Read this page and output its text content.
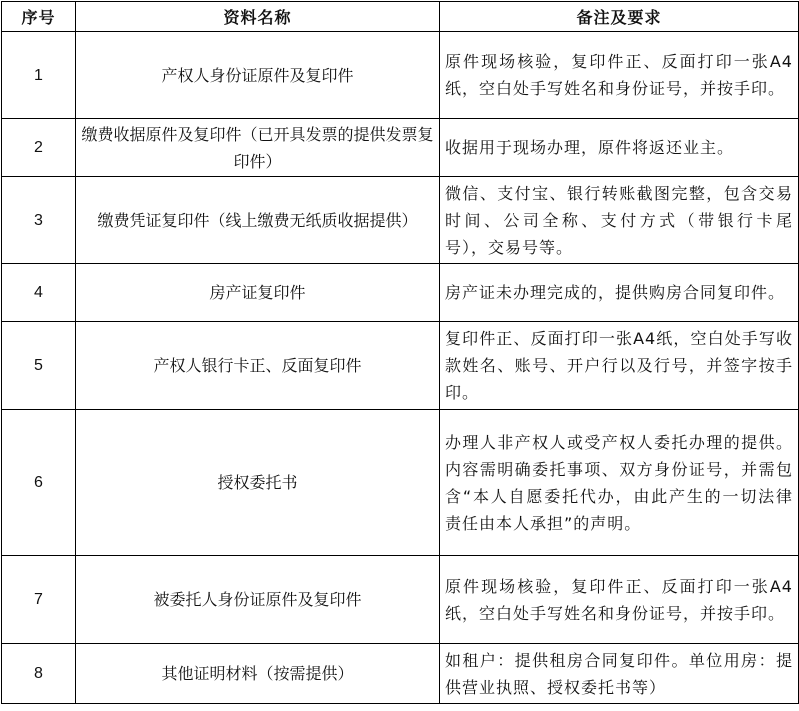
序号	资料名称	备注及要求
1	产权人身份证原件及复印件	原件现场核验，复印件正、反面打印一张A4纸，空白处手写姓名和身份证号，并按手印。
2	缴费收据原件及复印件（已开具发票的提供发票复印件）	收据用于现场办理，原件将返还业主。
3	缴费凭证复印件（线上缴费无纸质收据提供）	微信、支付宝、银行转账截图完整，包含交易时间、公司全称、支付方式（带银行卡尾号），交易号等。
4	房产证复印件	房产证未办理完成的，提供购房合同复印件。
5	产权人银行卡正、反面复印件	复印件正、反面打印一张A4纸，空白处手写收款姓名、账号、开户行以及行号，并签字按手印。
6	授权委托书	办理人非产权人或受产权人委托办理的提供。内容需明确委托事项、双方身份证号，并需包含“本人自愿委托代办，由此产生的一切法律责任由本人承担”的声明。
7	被委托人身份证原件及复印件	原件现场核验，复印件正、反面打印一张A4纸，空白处手写姓名和身份证号，并按手印。
8	其他证明材料（按需提供）	如租户：提供租房合同复印件。单位用房：提供营业执照、授权委托书等）
